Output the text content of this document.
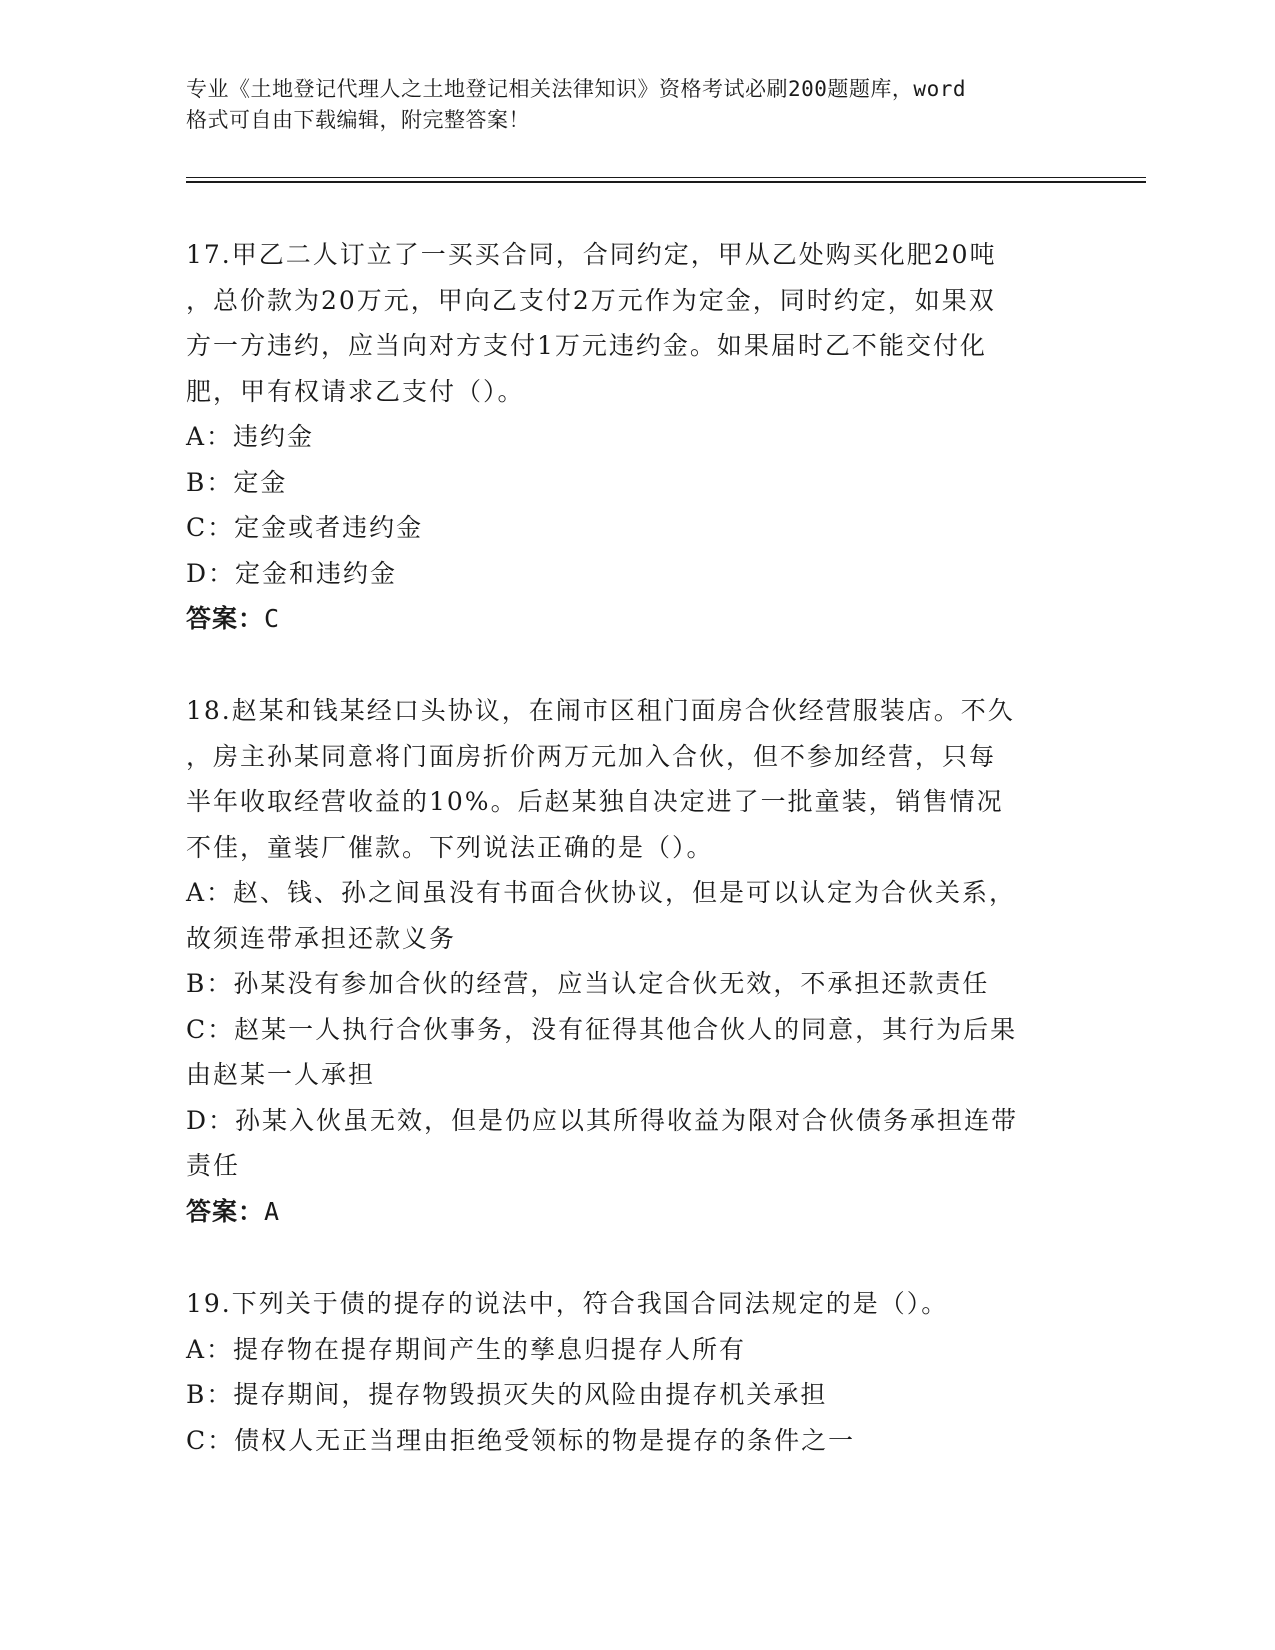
专业《土地登记代理人之土地登记相关法律知识》资格考试必刷200题题库，word
格式可自由下载编辑，附完整答案！
17.甲乙二人订立了一买买合同，合同约定，甲从乙处购买化肥20吨
，总价款为20万元，甲向乙支付2万元作为定金，同时约定，如果双
方一方违约，应当向对方支付1万元违约金。如果届时乙不能交付化
肥，甲有权请求乙支付（）。
A：违约金
B：定金
C：定金或者违约金
D：定金和违约金
答案：C
18.赵某和钱某经口头协议，在闹市区租门面房合伙经营服装店。不久
，房主孙某同意将门面房折价两万元加入合伙，但不参加经营，只每
半年收取经营收益的10%。后赵某独自决定进了一批童装，销售情况
不佳，童装厂催款。下列说法正确的是（）。
A：赵、钱、孙之间虽没有书面合伙协议，但是可以认定为合伙关系，
故须连带承担还款义务
B：孙某没有参加合伙的经营，应当认定合伙无效，不承担还款责任
C：赵某一人执行合伙事务，没有征得其他合伙人的同意，其行为后果
由赵某一人承担
D：孙某入伙虽无效，但是仍应以其所得收益为限对合伙债务承担连带
责任
答案：A
19.下列关于债的提存的说法中，符合我国合同法规定的是（）。
A：提存物在提存期间产生的孳息归提存人所有
B：提存期间，提存物毁损灭失的风险由提存机关承担
C：债权人无正当理由拒绝受领标的物是提存的条件之一
